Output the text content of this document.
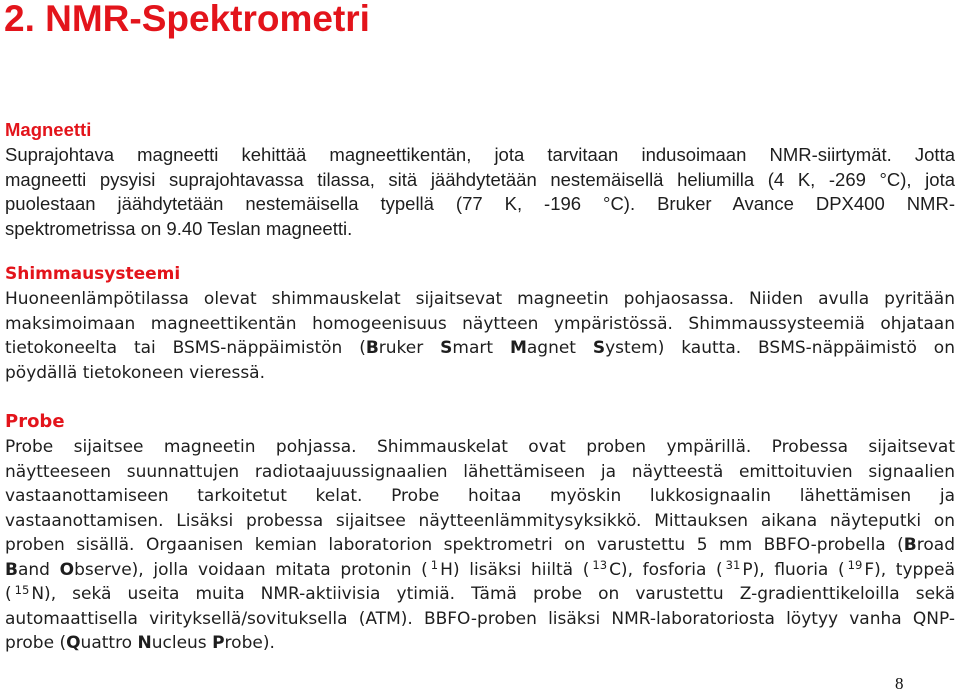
2. NMR-Spektrometri
Magneetti
Suprajohtava magneetti kehittää magneettikentän, jota tarvitaan indusoimaan NMR-siirtymät. Jotta
magneetti pysyisi suprajohtavassa tilassa, sitä jäähdytetään nestemäisellä heliumilla (4 K, -269 °C), jota
puolestaan jäähdytetään nestemäisella typellä (77 K, -196 °C). Bruker Avance DPX400 NMR-
spektrometrissa on 9.40 Teslan magneetti.
Shimmausysteemi
Huoneenlämpötilassa olevat shimmauskelat sijaitsevat magneetin pohjaosassa. Niiden avulla pyritään
maksimoimaan magneettikentän homogeenisuus näytteen ympäristössä. Shimmaussysteemiä ohjataan
tietokoneelta tai BSMS-näppäimistön (Bruker Smart Magnet System) kautta. BSMS-näppäimistö on
pöydällä tietokoneen vieressä.
Probe
Probe sijaitsee magneetin pohjassa. Shimmauskelat ovat proben ympärillä. Probessa sijaitsevat
näytteeseen suunnattujen radiotaajuussignaalien lähettämiseen ja näytteestä emittoituvien signaalien
vastaanottamiseen tarkoitetut kelat. Probe hoitaa myöskin lukkosignaalin lähettämisen ja
vastaanottamisen. Lisäksi probessa sijaitsee näytteenlämmitysyksikkö. Mittauksen aikana näyteputki on
proben sisällä. Orgaanisen kemian laboratorion spektrometri on varustettu 5 mm BBFO-probella (Broad
Band Observe), jolla voidaan mitata protonin ( $^1$ H) lisäksi hiiltä ( $^{13}$ C), fosforia ( $^{31}$ P), fluoria ( $^{19}$ F), typpeä
( $^{15}$ N), sekä useita muita NMR-aktiivisia ytimiä. Tämä probe on varustettu Z-gradienttikeloilla sekä
automaattisella virityksellä/sovituksella (ATM). BBFO-proben lisäksi NMR-laboratoriosta löytyy vanha QNP-
probe (Quattro Nucleus Probe).
8
